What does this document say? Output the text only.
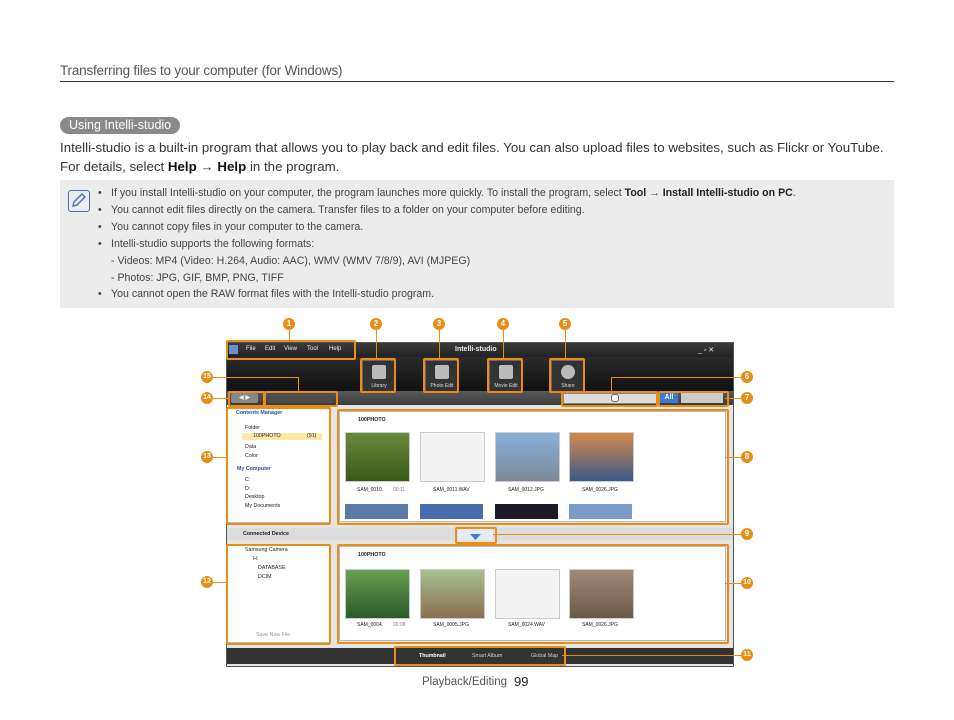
Transferring files to your computer (for Windows)
Using Intelli-studio
Intelli-studio is a built-in program that allows you to play back and edit files. You can also upload files to websites, such as Flickr or YouTube. For details, select Help → Help in the program.
• If you install Intelli-studio on your computer, the program launches more quickly. To install the program, select Tool → Install Intelli-studio on PC.
• You cannot edit files directly on the camera. Transfer files to a folder on your computer before editing.
• You cannot copy files in your computer to the camera.
• Intelli-studio supports the following formats:
- Videos: MP4 (Video: H.264, Audio: AAC), WMV (WMV 7/8/9), AVI (MJPEG)
- Photos: JPG, GIF, BMP, PNG, TIFF
• You cannot open the RAW format files with the Intelli-studio program.
File Edit View Tool Help	Intelli-studio	_ ▫ ✕
Library	Photo Edit	Movie Edit	Share
◀ ▶	All
Contents Manager
Folder
100PHOTO	(91)
Data
Color
My Computer
C:
D:
Desktop
My Documents
100PHOTO
SAM_0010. 00:11	SAM_0011.WAV	SAM_0012.JPG	SAM_0026.JPG
Connected Device
Samsung Camera
H:
DATABASE
DCIM
Save New File
100PHOTO
SAM_0004. 00:08	SAM_0005.JPG	SAM_0024.WAV	SAM_0026.JPG
Thumbnail	Smart Album	Global Map
1	2	3	4	5
6
7
8
9
10
11
12
13
14
15
Playback/Editing 99
